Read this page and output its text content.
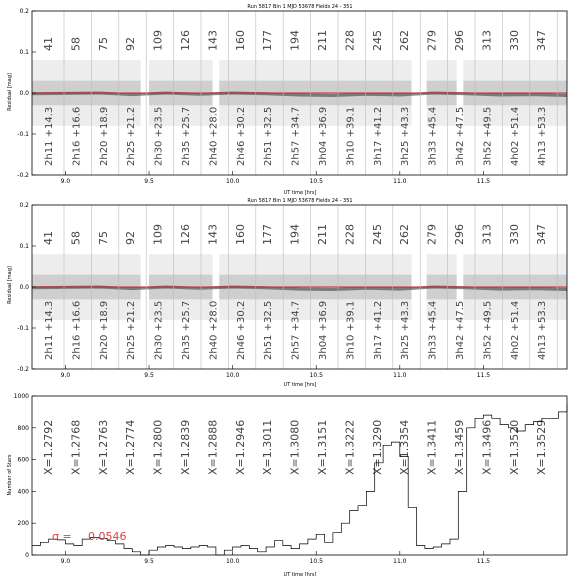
Run 5817 Bin 1 MJD 53678 Fields 24 - 351
Residual [mag]
UT time [hrs]
41 58 75 92 109 126 143 160 177 194 211 228 245 262 279 296 313 330 347
2h11 +14.3 2h16 +16.6 2h20 +18.9 2h25 +21.2 2h30 +23.5 2h35 +25.7 2h40 +28.0 2h46 +30.2 2h51 +32.5 2h57 +34.7 3h04 +36.9 3h10 +39.1 3h17 +41.2 3h25 +43.3 3h33 +45.4 3h42 +47.5 3h52 +49.5 4h02 +51.4 4h13 +53.3
0.2
0.1
0.0
-0.1
-0.2
9.0	9.5	10.0	10.5	11.0	11.5
Run 5817 Bin 1 MJD 53678 Fields 24 - 351
Residual [mag]
UT time [hrs]
41 58 75 92 109 126 143 160 177 194 211 228 245 262 279 296 313 330 347
2h11 +14.3 2h16 +16.6 2h20 +18.9 2h25 +21.2 2h30 +23.5 2h35 +25.7 2h40 +28.0 2h46 +30.2 2h51 +32.5 2h57 +34.7 3h04 +36.9 3h10 +39.1 3h17 +41.2 3h25 +43.3 3h33 +45.4 3h42 +47.5 3h52 +49.5 4h02 +51.4 4h13 +53.3
0.2
0.1
0.0
-0.1
-0.2
9.0	9.5	10.0	10.5	11.0	11.5
Number of Stars
UT time [hrs]
X=1.2792 X=1.2768 X=1.2763 X=1.2774 X=1.2800 X=1.2839 X=1.2888 X=1.2946 X=1.3011 X=1.3080 X=1.3151 X=1.3222 X=1.3290 X=1.3354 X=1.3411 X=1.3459 X=1.3496 X=1.3520 X=1.3529
1000
800
600
400
200
0
9.0	9.5	10.0	10.5	11.0	11.5
σ = 0.0546
